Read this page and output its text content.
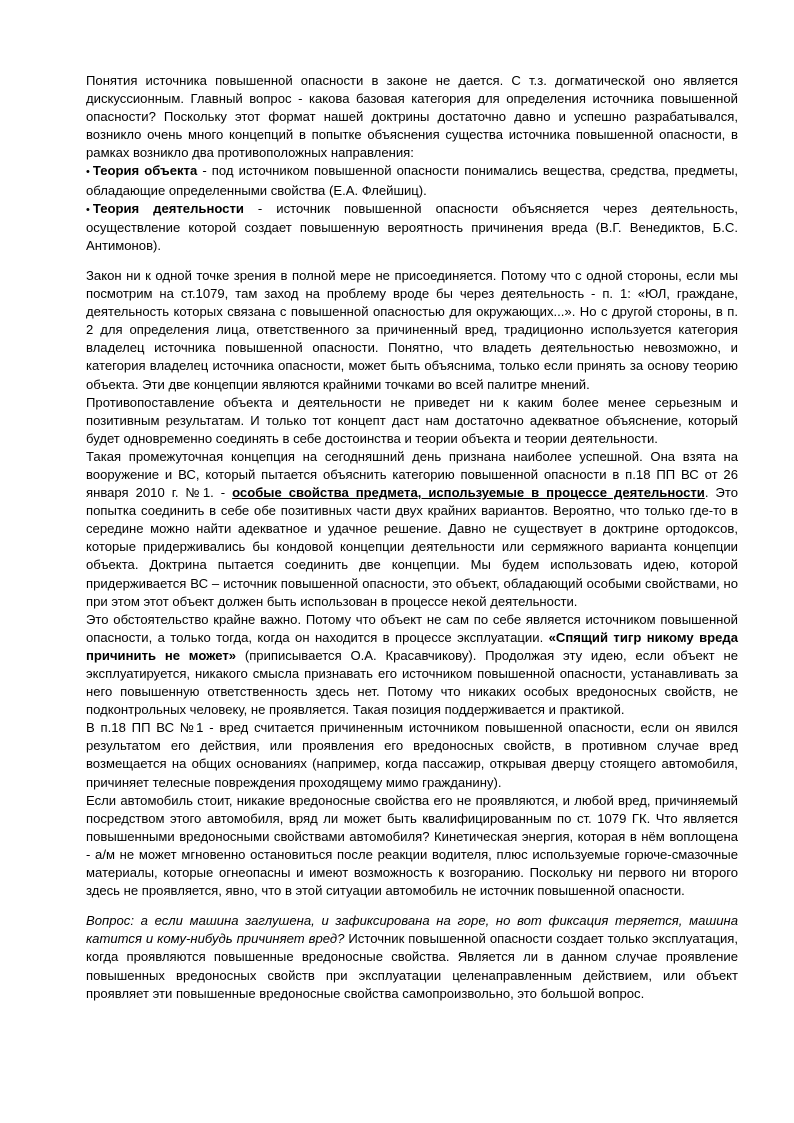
Понятия источника повышенной опасности в законе не дается. С т.з. догматической оно является дискуссионным. Главный вопрос - какова базовая категория для определения источника повышенной опасности? Поскольку этот формат нашей доктрины достаточно давно и успешно разрабатывался, возникло очень много концепций в попытке объяснения существа источника повышенной опасности, в рамках возникло два противоположных направления:

• Теория объекта - под источником повышенной опасности понимались вещества, средства, предметы, обладающие определенными свойства (Е.А. Флейшиц).

• Теория деятельности - источник повышенной опасности объясняется через деятельность, осуществление которой создает повышенную вероятность причинения вреда (В.Г. Венедиктов, Б.С. Антимонов).

Закон ни к одной точке зрения в полной мере не присоединяется. Потому что с одной стороны, если мы посмотрим на ст.1079, там заход на проблему вроде бы через деятельность - п. 1: «ЮЛ, граждане, деятельность которых связана с повышенной опасностью для окружающих...». Но с другой стороны, в п. 2 для определения лица, ответственного за причиненный вред, традиционно используется категория владелец источника повышенной опасности. Понятно, что владеть деятельностью невозможно, и категория владелец источника опасности, может быть объяснима, только если принять за основу теорию объекта. Эти две концепции являются крайними точками во всей палитре мнений.

Противопоставление объекта и деятельности не приведет ни к каким более менее серьезным и позитивным результатам. И только тот концепт даст нам достаточно адекватное объяснение, который будет одновременно соединять в себе достоинства и теории объекта и теории деятельности.

Такая промежуточная концепция на сегодняшний день признана наиболее успешной. Она взята на вооружение и ВС, который пытается объяснить категорию повышенной опасности в п.18 ПП ВС от 26 января 2010 г. №1. - особые свойства предмета, используемые в процессе деятельности. Это попытка соединить в себе обе позитивных части двух крайних вариантов. Вероятно, что только где-то в середине можно найти адекватное и удачное решение. Давно не существует в доктрине ортодоксов, которые придерживались бы кондовой концепции деятельности или сермяжного варианта концепции объекта. Доктрина пытается соединить две концепции. Мы будем использовать идею, которой придерживается ВС – источник повышенной опасности, это объект, обладающий особыми свойствами, но при этом этот объект должен быть использован в процессе некой деятельности.

Это обстоятельство крайне важно. Потому что объект не сам по себе является источником повышенной опасности, а только тогда, когда он находится в процессе эксплуатации. «Спящий тигр никому вреда причинить не может» (приписывается О.А. Красавчикову). Продолжая эту идею, если объект не эксплуатируется, никакого смысла признавать его источником повышенной опасности, устанавливать за него повышенную ответственность здесь нет. Потому что никаких особых вредоносных свойств, не подконтрольных человеку, не проявляется. Такая позиция поддерживается и практикой.

В п.18 ПП ВС №1 - вред считается причиненным источником повышенной опасности, если он явился результатом его действия, или проявления его вредоносных свойств, в противном случае вред возмещается на общих основаниях (например, когда пассажир, открывая дверцу стоящего автомобиля, причиняет телесные повреждения проходящему мимо гражданину).

Если автомобиль стоит, никакие вредоносные свойства его не проявляются, и любой вред, причиняемый посредством этого автомобиля, вряд ли может быть квалифицированным по ст. 1079 ГК. Что является повышенными вредоносными свойствами автомобиля? Кинетическая энергия, которая в нём воплощена - а/м не может мгновенно остановиться после реакции водителя, плюс используемые горюче-смазочные материалы, которые огнеопасны и имеют возможность к возгоранию. Поскольку ни первого ни второго здесь не проявляется, явно, что в этой ситуации автомобиль не источник повышенной опасности.

Вопрос: а если машина заглушена, и зафиксирована на горе, но вот фиксация теряется, машина катится и кому-нибудь причиняет вред? Источник повышенной опасности создает только эксплуатация, когда проявляются повышенные вредоносные свойства. Является ли в данном случае проявление повышенных вредоносных свойств при эксплуатации целенаправленным действием, или объект проявляет эти повышенные вредоносные свойства самопроизвольно, это большой вопрос.
